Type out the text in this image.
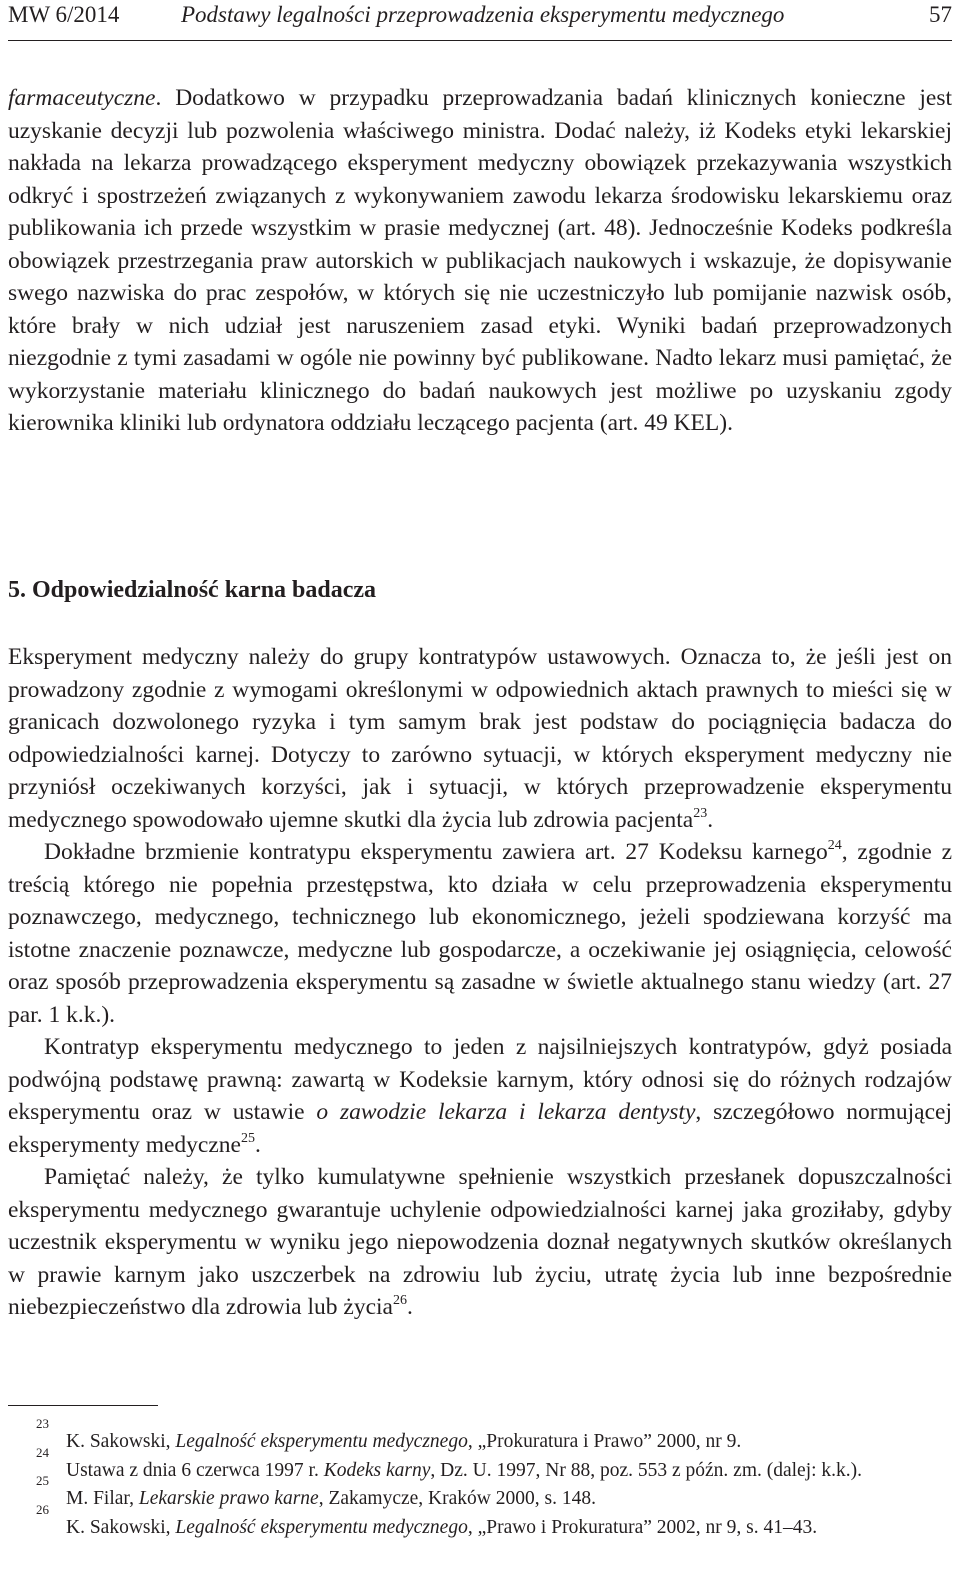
MW 6/2014	Podstawy legalności przeprowadzenia eksperymentu medycznego	57

farmaceutyczne. Dodatkowo w przypadku przeprowadzania badań klinicznych konieczne jest uzyskanie decyzji lub pozwolenia właściwego ministra. Dodać należy, iż Kodeks etyki lekarskiej nakłada na lekarza prowadzącego eksperyment medyczny obowiązek przekazywania wszystkich odkryć i spostrzeżeń związanych z wykonywaniem zawodu lekarza środowisku lekarskiemu oraz publikowania ich przede wszystkim w prasie medycznej (art. 48). Jednocześnie Kodeks podkreśla obowiązek przestrzegania praw autorskich w publikacjach naukowych i wskazuje, że dopisywanie swego nazwiska do prac zespołów, w których się nie uczestniczyło lub pomijanie nazwisk osób, które brały w nich udział jest naruszeniem zasad etyki. Wyniki badań przeprowadzonych niezgodnie z tymi zasadami w ogóle nie powinny być publikowane. Nadto lekarz musi pamiętać, że wykorzystanie materiału klinicznego do badań naukowych jest możliwe po uzyskaniu zgody kierownika kliniki lub ordynatora oddziału leczącego pacjenta (art. 49 KEL).

5. Odpowiedzialność karna badacza

Eksperyment medyczny należy do grupy kontratypów ustawowych. Oznacza to, że jeśli jest on prowadzony zgodnie z wymogami określonymi w odpowiednich aktach prawnych to mieści się w granicach dozwolonego ryzyka i tym samym brak jest podstaw do pociągnięcia badacza do odpowiedzialności karnej. Dotyczy to zarówno sytuacji, w których eksperyment medyczny nie przyniósł oczekiwanych korzyści, jak i sytuacji, w których przeprowadzenie eksperymentu medycznego spowodowało ujemne skutki dla życia lub zdrowia pacjenta$^{23}$.

Dokładne brzmienie kontratypu eksperymentu zawiera art. 27 Kodeksu karnego$^{24}$, zgodnie z treścią którego nie popełnia przestępstwa, kto działa w celu przeprowadzenia eksperymentu poznawczego, medycznego, technicznego lub ekonomicznego, jeżeli spodziewana korzyść ma istotne znaczenie poznawcze, medyczne lub gospodarcze, a oczekiwanie jej osiągnięcia, celowość oraz sposób przeprowadzenia eksperymentu są zasadne w świetle aktualnego stanu wiedzy (art. 27 par. 1 k.k.).

Kontratyp eksperymentu medycznego to jeden z najsilniejszych kontratypów, gdyż posiada podwójną podstawę prawną: zawartą w Kodeksie karnym, który odnosi się do różnych rodzajów eksperymentu oraz w ustawie o zawodzie lekarza i lekarza dentysty, szczegółowo normującej eksperymenty medyczne$^{25}$.

Pamiętać należy, że tylko kumulatywne spełnienie wszystkich przesłanek dopuszczalności eksperymentu medycznego gwarantuje uchylenie odpowiedzialności karnej jaka groziłaby, gdyby uczestnik eksperymentu w wyniku jego niepowodzenia doznał negatywnych skutków określanych w prawie karnym jako uszczerbek na zdrowiu lub życiu, utratę życia lub inne bezpośrednie niebezpieczeństwo dla zdrowia lub życia$^{26}$.

23
K. Sakowski, Legalność eksperymentu medycznego, „Prokuratura i Prawo” 2000, nr 9.

24
Ustawa z dnia 6 czerwca 1997 r. Kodeks karny, Dz. U. 1997, Nr 88, poz. 553 z późn. zm. (dalej: k.k.).

25
M. Filar, Lekarskie prawo karne, Zakamycze, Kraków 2000, s. 148.

26
K. Sakowski, Legalność eksperymentu medycznego, „Prawo i Prokuratura” 2002, nr 9, s. 41–43.
